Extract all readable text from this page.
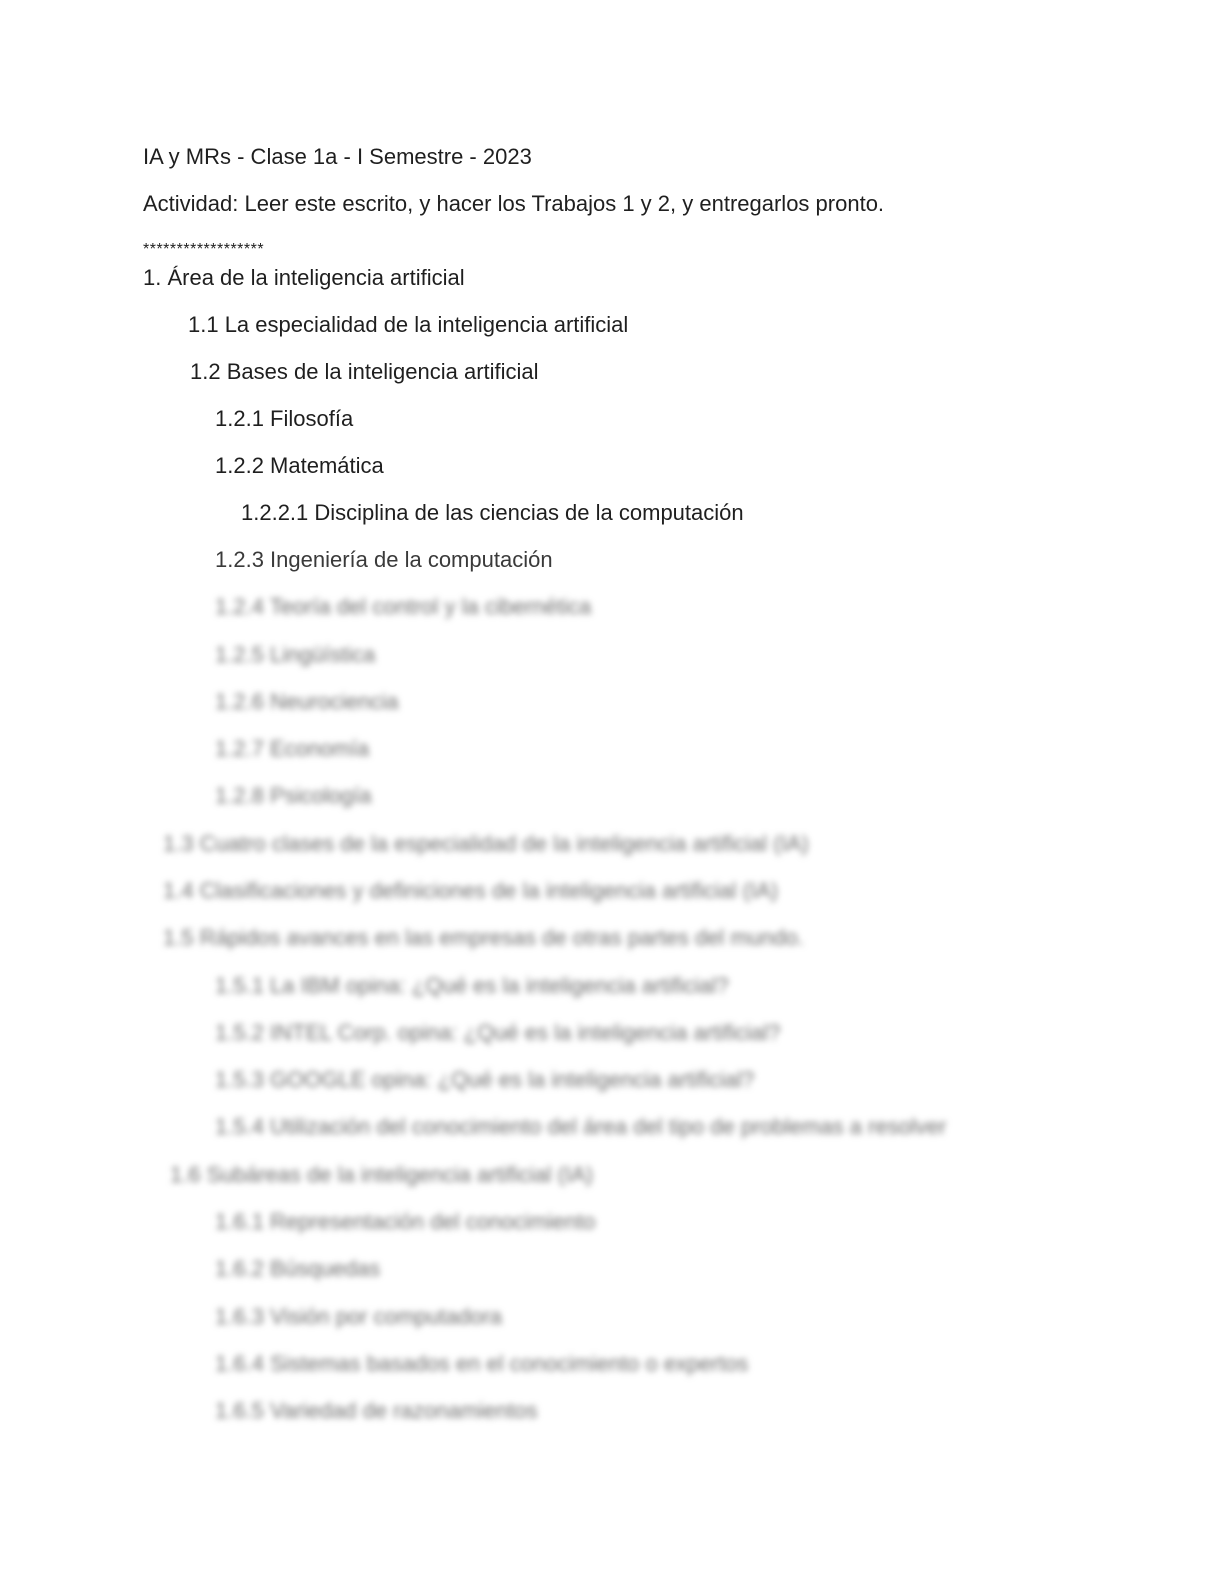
IA y MRs - Clase 1a - I Semestre - 2023
Actividad: Leer este escrito, y hacer los Trabajos 1 y 2, y entregarlos pronto.
******************
1. Área de la inteligencia artificial
1.1 La especialidad de la inteligencia artificial
1.2 Bases de la inteligencia artificial
1.2.1 Filosofía
1.2.2 Matemática
1.2.2.1 Disciplina de las ciencias de la computación
1.2.3 Ingeniería de la computación
1.2.4 Teoría del control y la cibernética
1.2.5 Lingüística
1.2.6 Neurociencia
1.2.7 Economía
1.2.8 Psicología
1.3 Cuatro clases de la especialidad de la inteligencia artificial (IA)
1.4 Clasificaciones y definiciones de la inteligencia artificial (IA)
1.5 Rápidos avances en las empresas de otras partes del mundo.
1.5.1 La IBM opina: ¿Qué es la inteligencia artificial?
1.5.2 INTEL Corp. opina: ¿Qué es la inteligencia artificial?
1.5.3 GOOGLE opina: ¿Qué es la inteligencia artificial?
1.5.4 Utilización del conocimiento del área del tipo de problemas a resolver
1.6 Subáreas de la inteligencia artificial (IA)
1.6.1 Representación del conocimiento
1.6.2 Búsquedas
1.6.3 Visión por computadora
1.6.4 Sistemas basados en el conocimiento o expertos
1.6.5 Variedad de razonamientos
